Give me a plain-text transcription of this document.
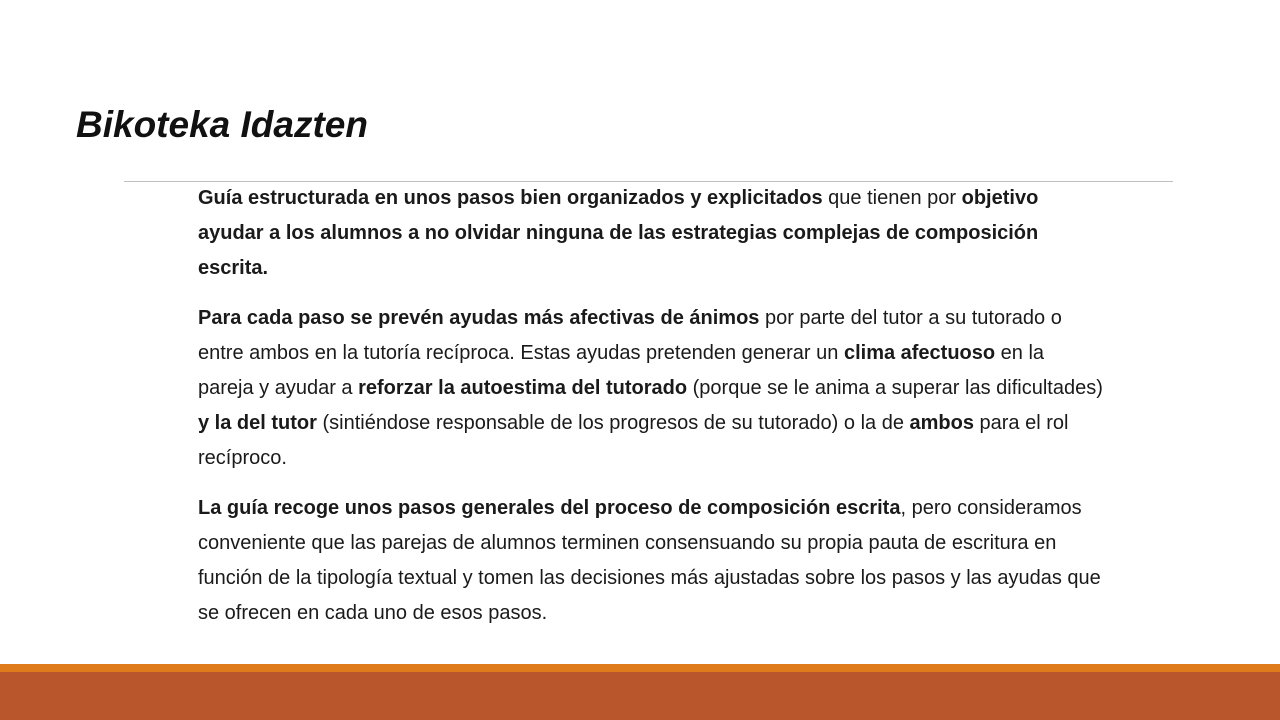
Bikoteka Idazten

Guía estructurada en unos pasos bien organizados y explicitados que tienen por objetivo ayudar a los alumnos a no olvidar ninguna de las estrategias complejas de composición escrita.

Para cada paso se prevén ayudas más afectivas de ánimos por parte del tutor a su tutorado o entre ambos en la tutoría recíproca. Estas ayudas pretenden generar un clima afectuoso en la pareja y ayudar a reforzar la autoestima del tutorado (porque se le anima a superar las dificultades) y la del tutor (sintiéndose responsable de los progresos de su tutorado) o la de ambos para el rol recíproco.

La guía recoge unos pasos generales del proceso de composición escrita, pero consideramos conveniente que las parejas de alumnos terminen consensuando su propia pauta de escritura en función de la tipología textual y tomen las decisiones más ajustadas sobre los pasos y las ayudas que se ofrecen en cada uno de esos pasos.
